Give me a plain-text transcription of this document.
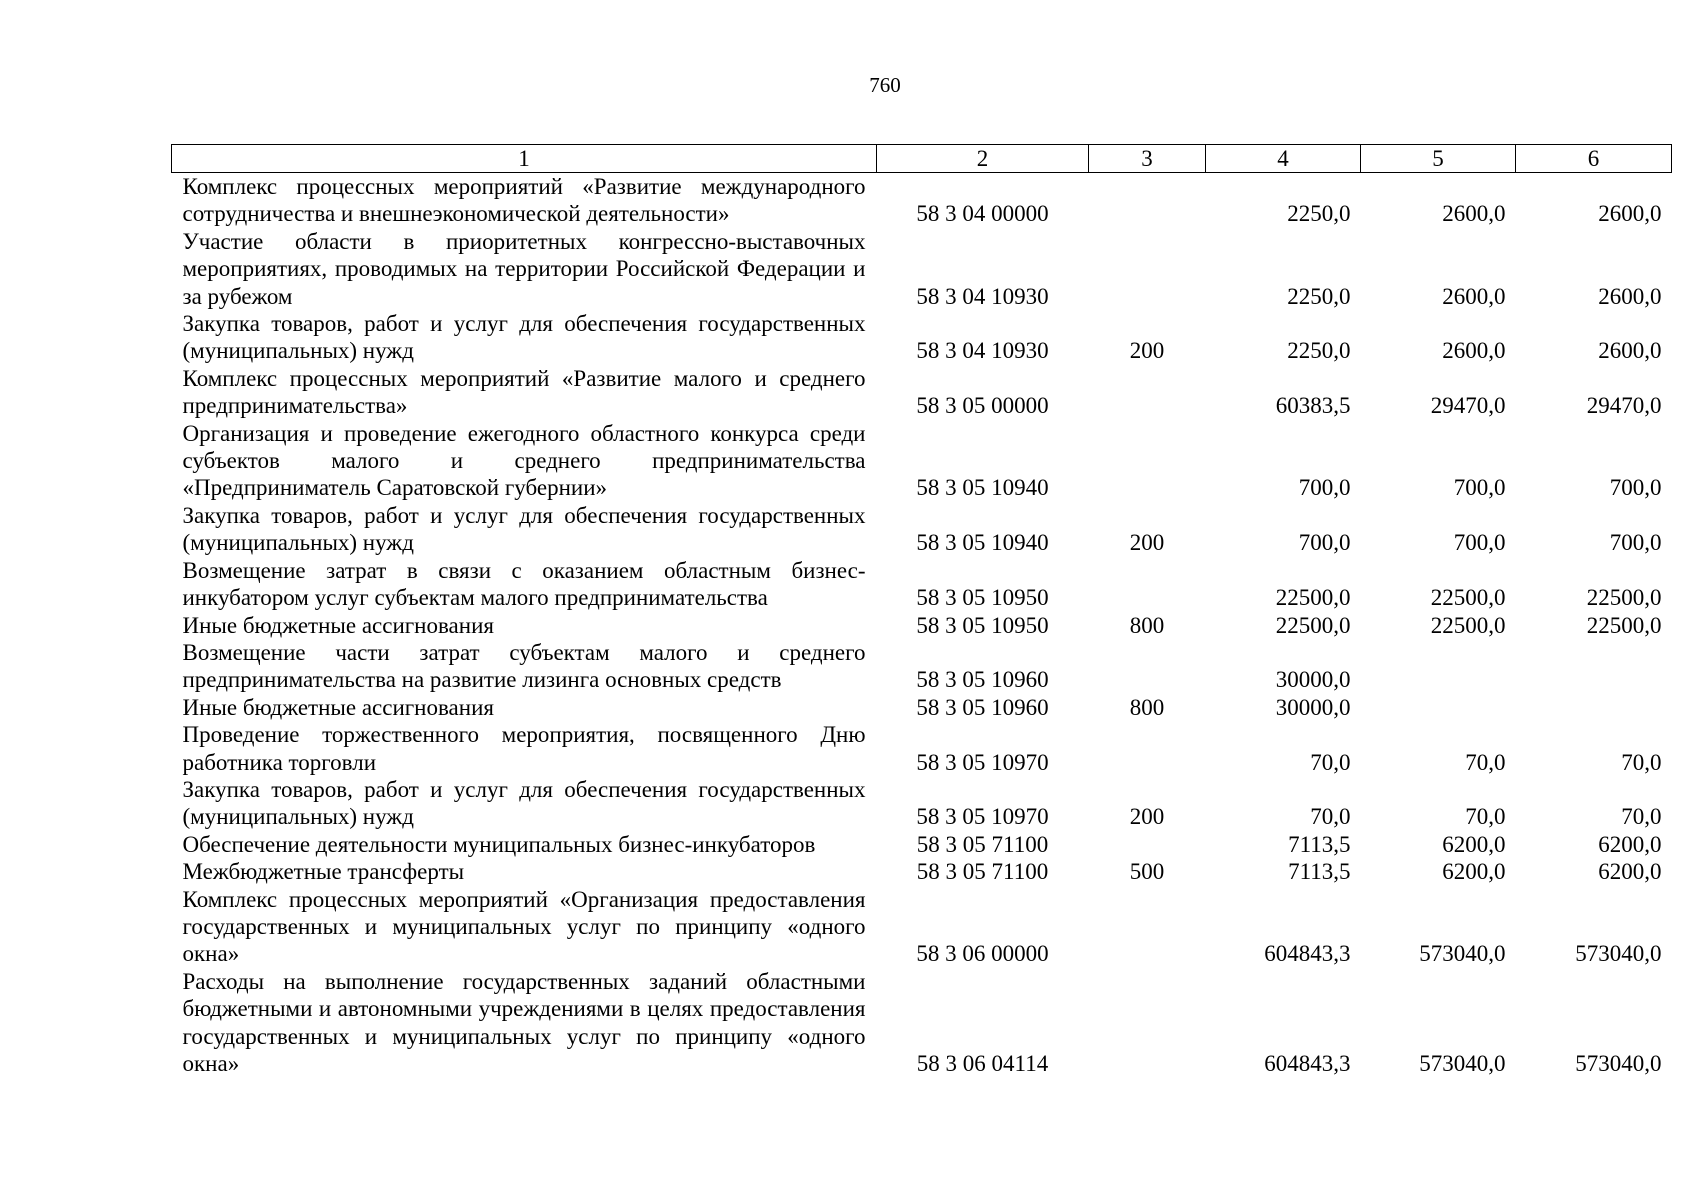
760
1	2	3	4	5	6
Комплекс процессных мероприятий «Развитие международного сотрудничества и внешнеэкономической деятельности»	58 3 04 00000		2250,0	2600,0	2600,0
Участие области в приоритетных конгрессно-выставочных мероприятиях, проводимых на территории Российской Федерации и за рубежом	58 3 04 10930		2250,0	2600,0	2600,0
Закупка товаров, работ и услуг для обеспечения государственных (муниципальных) нужд	58 3 04 10930	200	2250,0	2600,0	2600,0
Комплекс процессных мероприятий «Развитие малого и среднего предпринимательства»	58 3 05 00000		60383,5	29470,0	29470,0
Организация и проведение ежегодного областного конкурса среди субъектов малого и среднего предпринимательства «Предприниматель Саратовской губернии»	58 3 05 10940		700,0	700,0	700,0
Закупка товаров, работ и услуг для обеспечения государственных (муниципальных) нужд	58 3 05 10940	200	700,0	700,0	700,0
Возмещение затрат в связи с оказанием областным бизнес-инкубатором услуг субъектам малого предпринимательства	58 3 05 10950		22500,0	22500,0	22500,0
Иные бюджетные ассигнования	58 3 05 10950	800	22500,0	22500,0	22500,0
Возмещение части затрат субъектам малого и среднего предпринимательства на развитие лизинга основных средств	58 3 05 10960		30000,0		
Иные бюджетные ассигнования	58 3 05 10960	800	30000,0		
Проведение торжественного мероприятия, посвященного Дню работника торговли	58 3 05 10970		70,0	70,0	70,0
Закупка товаров, работ и услуг для обеспечения государственных (муниципальных) нужд	58 3 05 10970	200	70,0	70,0	70,0
Обеспечение деятельности муниципальных бизнес-инкубаторов	58 3 05 71100		7113,5	6200,0	6200,0
Межбюджетные трансферты	58 3 05 71100	500	7113,5	6200,0	6200,0
Комплекс процессных мероприятий «Организация предоставления государственных и муниципальных услуг по принципу «одного окна»	58 3 06 00000		604843,3	573040,0	573040,0
Расходы на выполнение государственных заданий областными бюджетными и автономными учреждениями в целях предоставления государственных и муниципальных услуг по принципу «одного окна»	58 3 06 04114		604843,3	573040,0	573040,0
